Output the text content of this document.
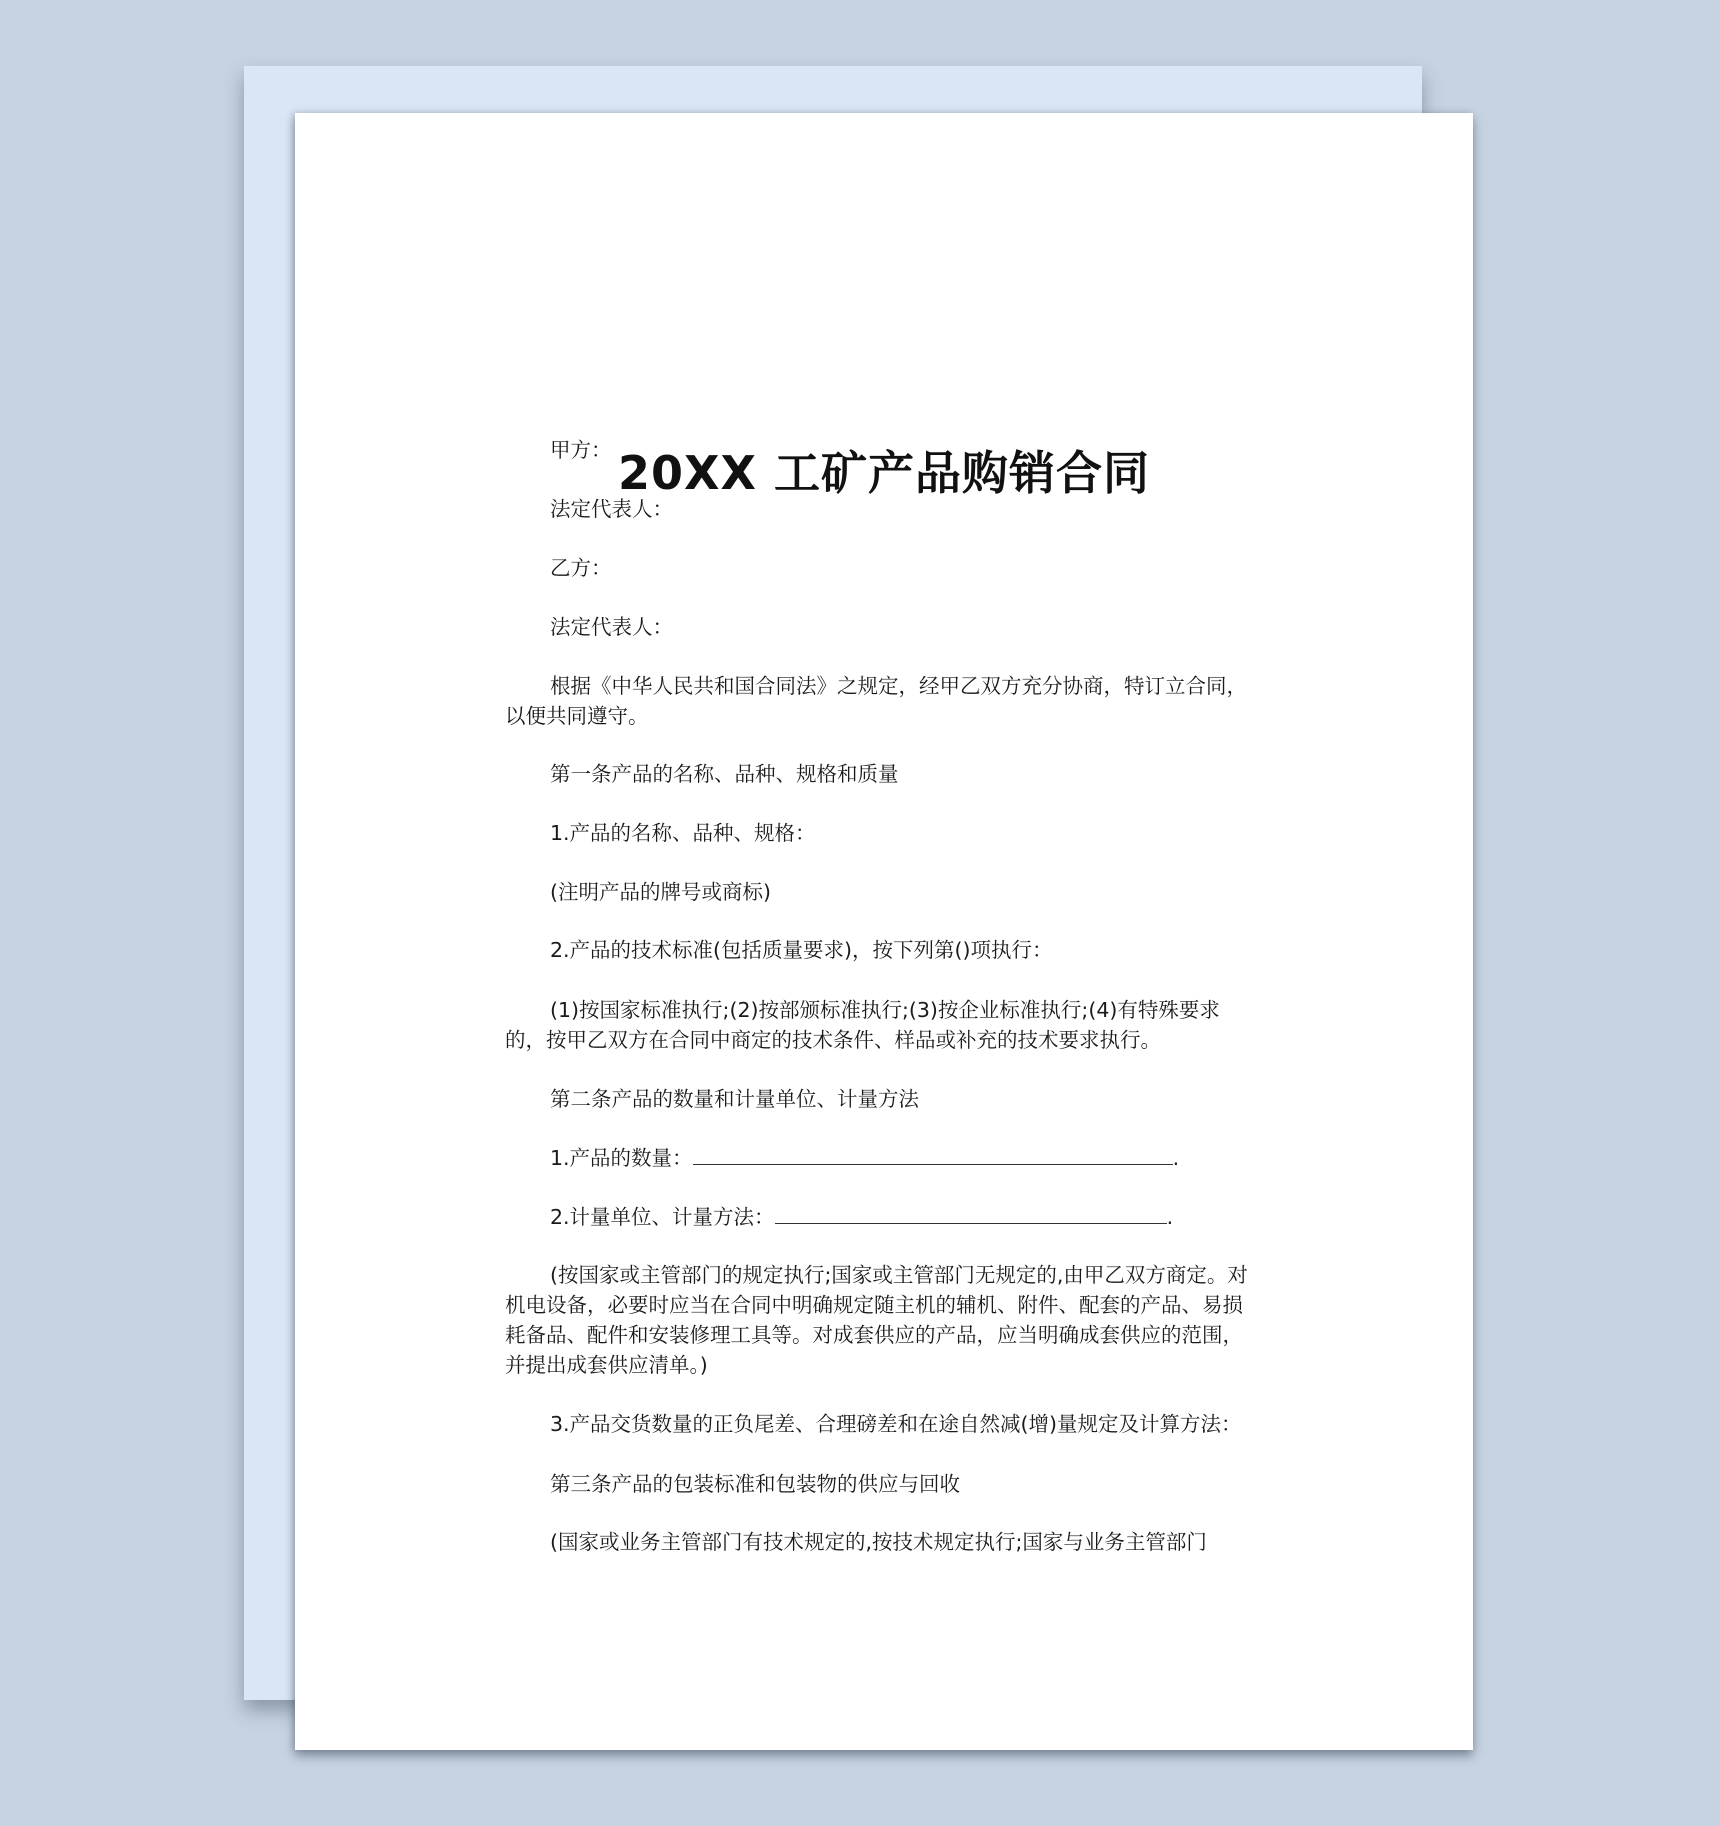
20XX 工矿产品购销合同

甲方：

法定代表人：

乙方：

法定代表人：

根据《中华人民共和国合同法》之规定，经甲乙双方充分协商，特订立合同，以便共同遵守。

第一条产品的名称、品种、规格和质量

1.产品的名称、品种、规格：

(注明产品的牌号或商标)

2.产品的技术标准(包括质量要求)，按下列第()项执行：

(1)按国家标准执行;(2)按部颁标准执行;(3)按企业标准执行;(4)有特殊要求的，按甲乙双方在合同中商定的技术条件、样品或补充的技术要求执行。

第二条产品的数量和计量单位、计量方法

1.产品的数量：	.

2.计量单位、计量方法：	.

(按国家或主管部门的规定执行;国家或主管部门无规定的,由甲乙双方商定。对机电设备，必要时应当在合同中明确规定随主机的辅机、附件、配套的产品、易损耗备品、配件和安装修理工具等。对成套供应的产品，应当明确成套供应的范围，并提出成套供应清单。)

3.产品交货数量的正负尾差、合理磅差和在途自然减(增)量规定及计算方法：

第三条产品的包装标准和包装物的供应与回收

(国家或业务主管部门有技术规定的,按技术规定执行;国家与业务主管部门
